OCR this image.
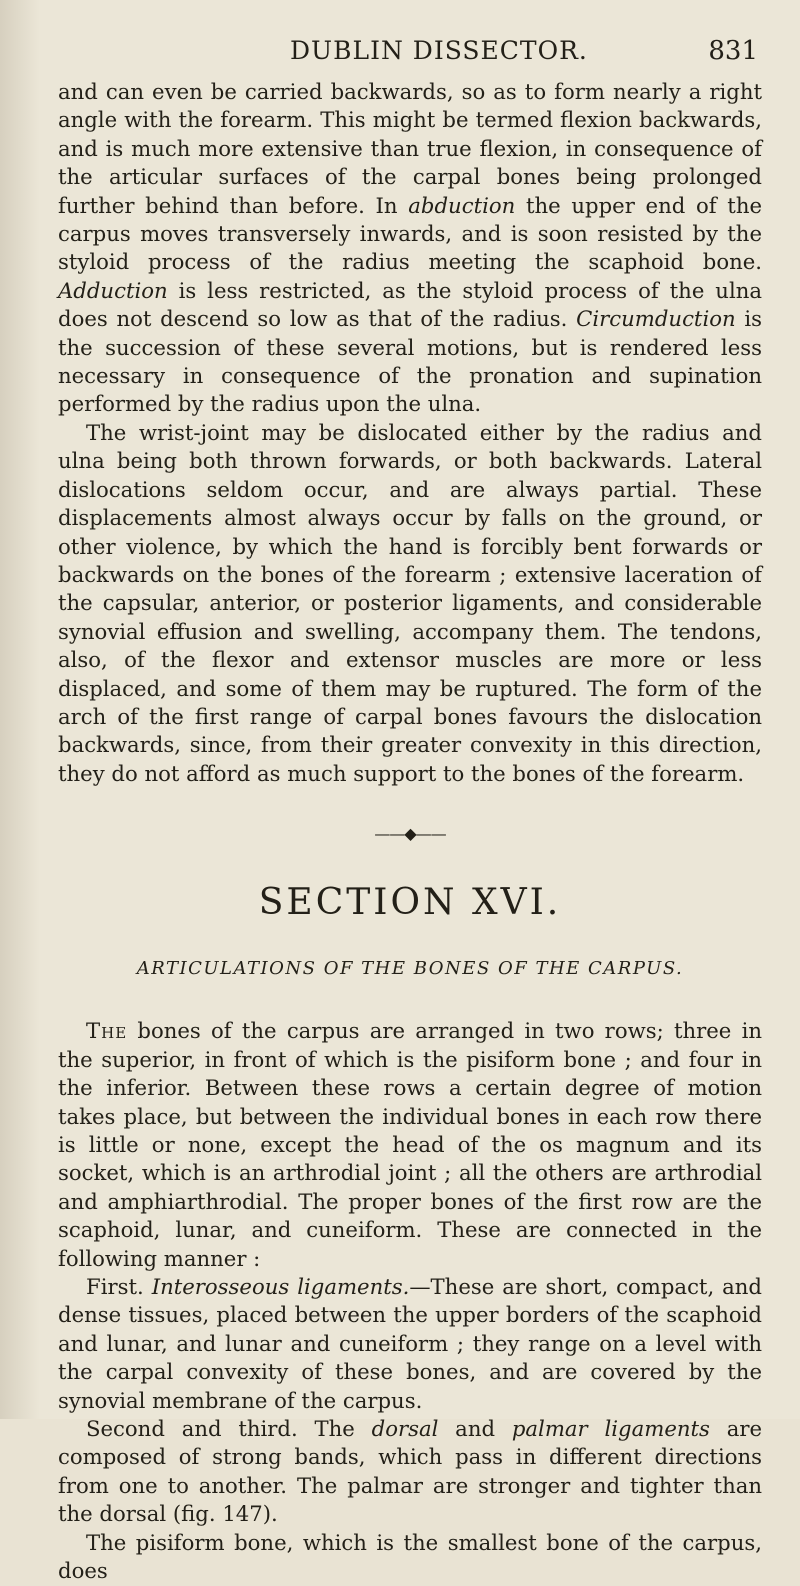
DUBLIN DISSECTOR.	831

and can even be carried backwards, so as to form nearly a right angle with the forearm. This might be termed flexion backwards, and is much more extensive than true flexion, in consequence of the articular surfaces of the carpal bones being prolonged further behind than before. In abduction the upper end of the carpus moves transversely inwards, and is soon resisted by the styloid process of the radius meeting the scaphoid bone. Adduction is less restricted, as the styloid process of the ulna does not descend so low as that of the radius. Circumduction is the succession of these several motions, but is rendered less necessary in consequence of the pronation and supination performed by the radius upon the ulna.

The wrist-joint may be dislocated either by the radius and ulna being both thrown forwards, or both backwards. Lateral dislocations seldom occur, and are always partial. These displacements almost always occur by falls on the ground, or other violence, by which the hand is forcibly bent forwards or backwards on the bones of the forearm ; extensive laceration of the capsular, anterior, or posterior ligaments, and considerable synovial effusion and swelling, accompany them. The tendons, also, of the flexor and extensor muscles are more or less displaced, and some of them may be ruptured. The form of the arch of the first range of carpal bones favours the dislocation backwards, since, from their greater convexity in this direction, they do not afford as much support to the bones of the forearm.

——◆——
SECTION XVI.
ARTICULATIONS OF THE BONES OF THE CARPUS.

The bones of the carpus are arranged in two rows; three in the superior, in front of which is the pisiform bone ; and four in the inferior. Between these rows a certain degree of motion takes place, but between the individual bones in each row there is little or none, except the head of the os magnum and its socket, which is an arthrodial joint ; all the others are arthrodial and amphiarthrodial. The proper bones of the first row are the scaphoid, lunar, and cuneiform. These are connected in the following manner :

First. Interosseous ligaments.—These are short, compact, and dense tissues, placed between the upper borders of the scaphoid and lunar, and lunar and cuneiform ; they range on a level with the carpal convexity of these bones, and are covered by the synovial membrane of the carpus.

Second and third. The dorsal and palmar ligaments are composed of strong bands, which pass in different directions from one to another. The palmar are stronger and tighter than the dorsal (fig. 147).

The pisiform bone, which is the smallest bone of the carpus, does
